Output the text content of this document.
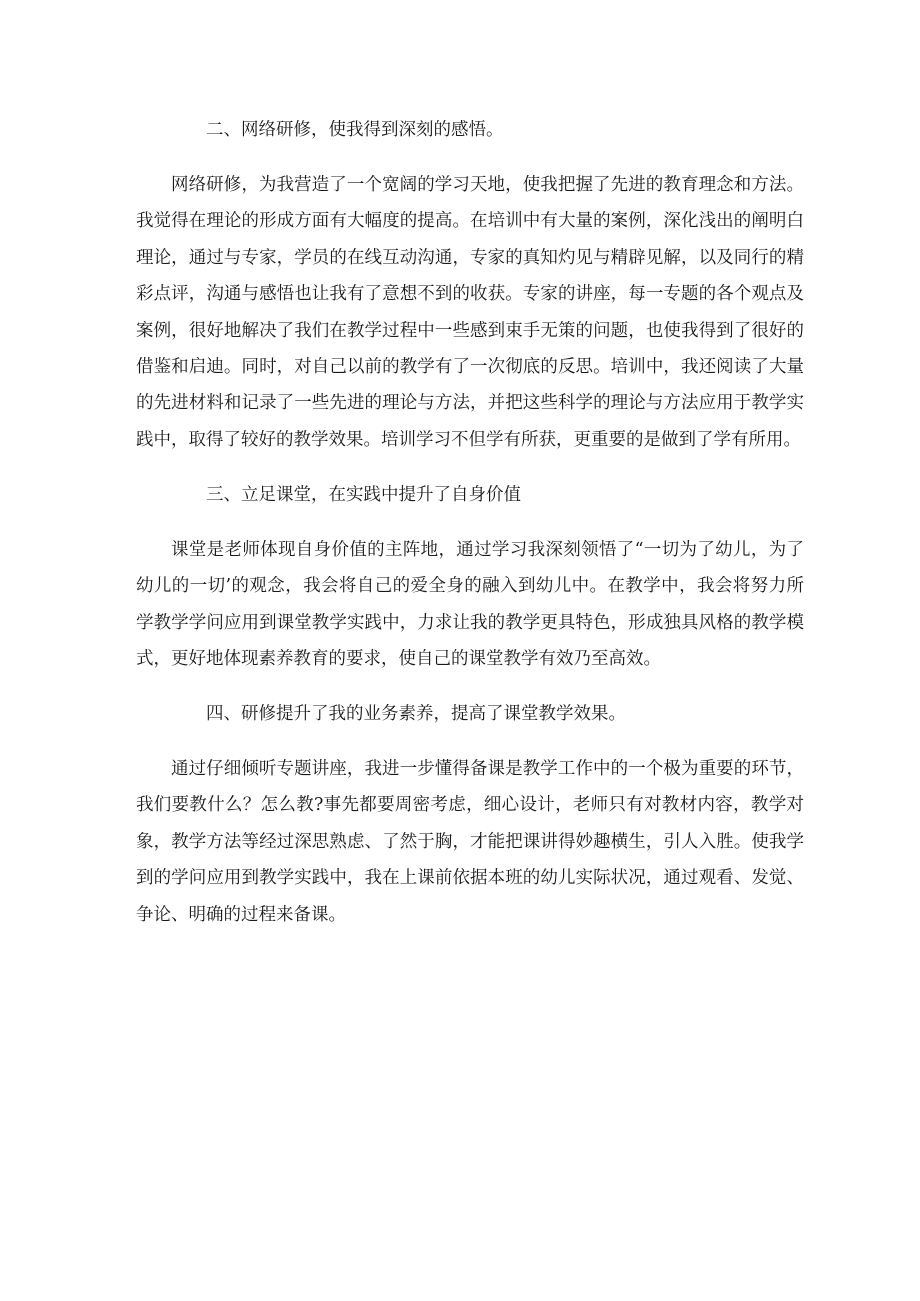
二、网络研修，使我得到深刻的感悟。

网络研修，为我营造了一个宽阔的学习天地，使我把握了先进的教育理念和方法。我觉得在理论的形成方面有大幅度的提高。在培训中有大量的案例，深化浅出的阐明白理论，通过与专家，学员的在线互动沟通，专家的真知灼见与精辟见解，以及同行的精彩点评，沟通与感悟也让我有了意想不到的收获。专家的讲座，每一专题的各个观点及案例，很好地解决了我们在教学过程中一些感到束手无策的问题，也使我得到了很好的借鉴和启迪。同时，对自己以前的教学有了一次彻底的反思。培训中，我还阅读了大量的先进材料和记录了一些先进的理论与方法，并把这些科学的理论与方法应用于教学实践中，取得了较好的教学效果。培训学习不但学有所获，更重要的是做到了学有所用。

三、立足课堂，在实践中提升了自身价值

课堂是老师体现自身价值的主阵地，通过学习我深刻领悟了“一切为了幼儿，为了幼儿的一切’的观念，我会将自己的爱全身的融入到幼儿中。在教学中，我会将努力所学教学学问应用到课堂教学实践中，力求让我的教学更具特色，形成独具风格的教学模式，更好地体现素养教育的要求，使自己的课堂教学有效乃至高效。

四、研修提升了我的业务素养，提高了课堂教学效果。

通过仔细倾听专题讲座，我进一步懂得备课是教学工作中的一个极为重要的环节，我们要教什么？怎么教?事先都要周密考虑，细心设计，老师只有对教材内容，教学对象，教学方法等经过深思熟虑、了然于胸，才能把课讲得妙趣横生，引人入胜。使我学到的学问应用到教学实践中，我在上课前依据本班的幼儿实际状况，通过观看、发觉、争论、明确的过程来备课。
